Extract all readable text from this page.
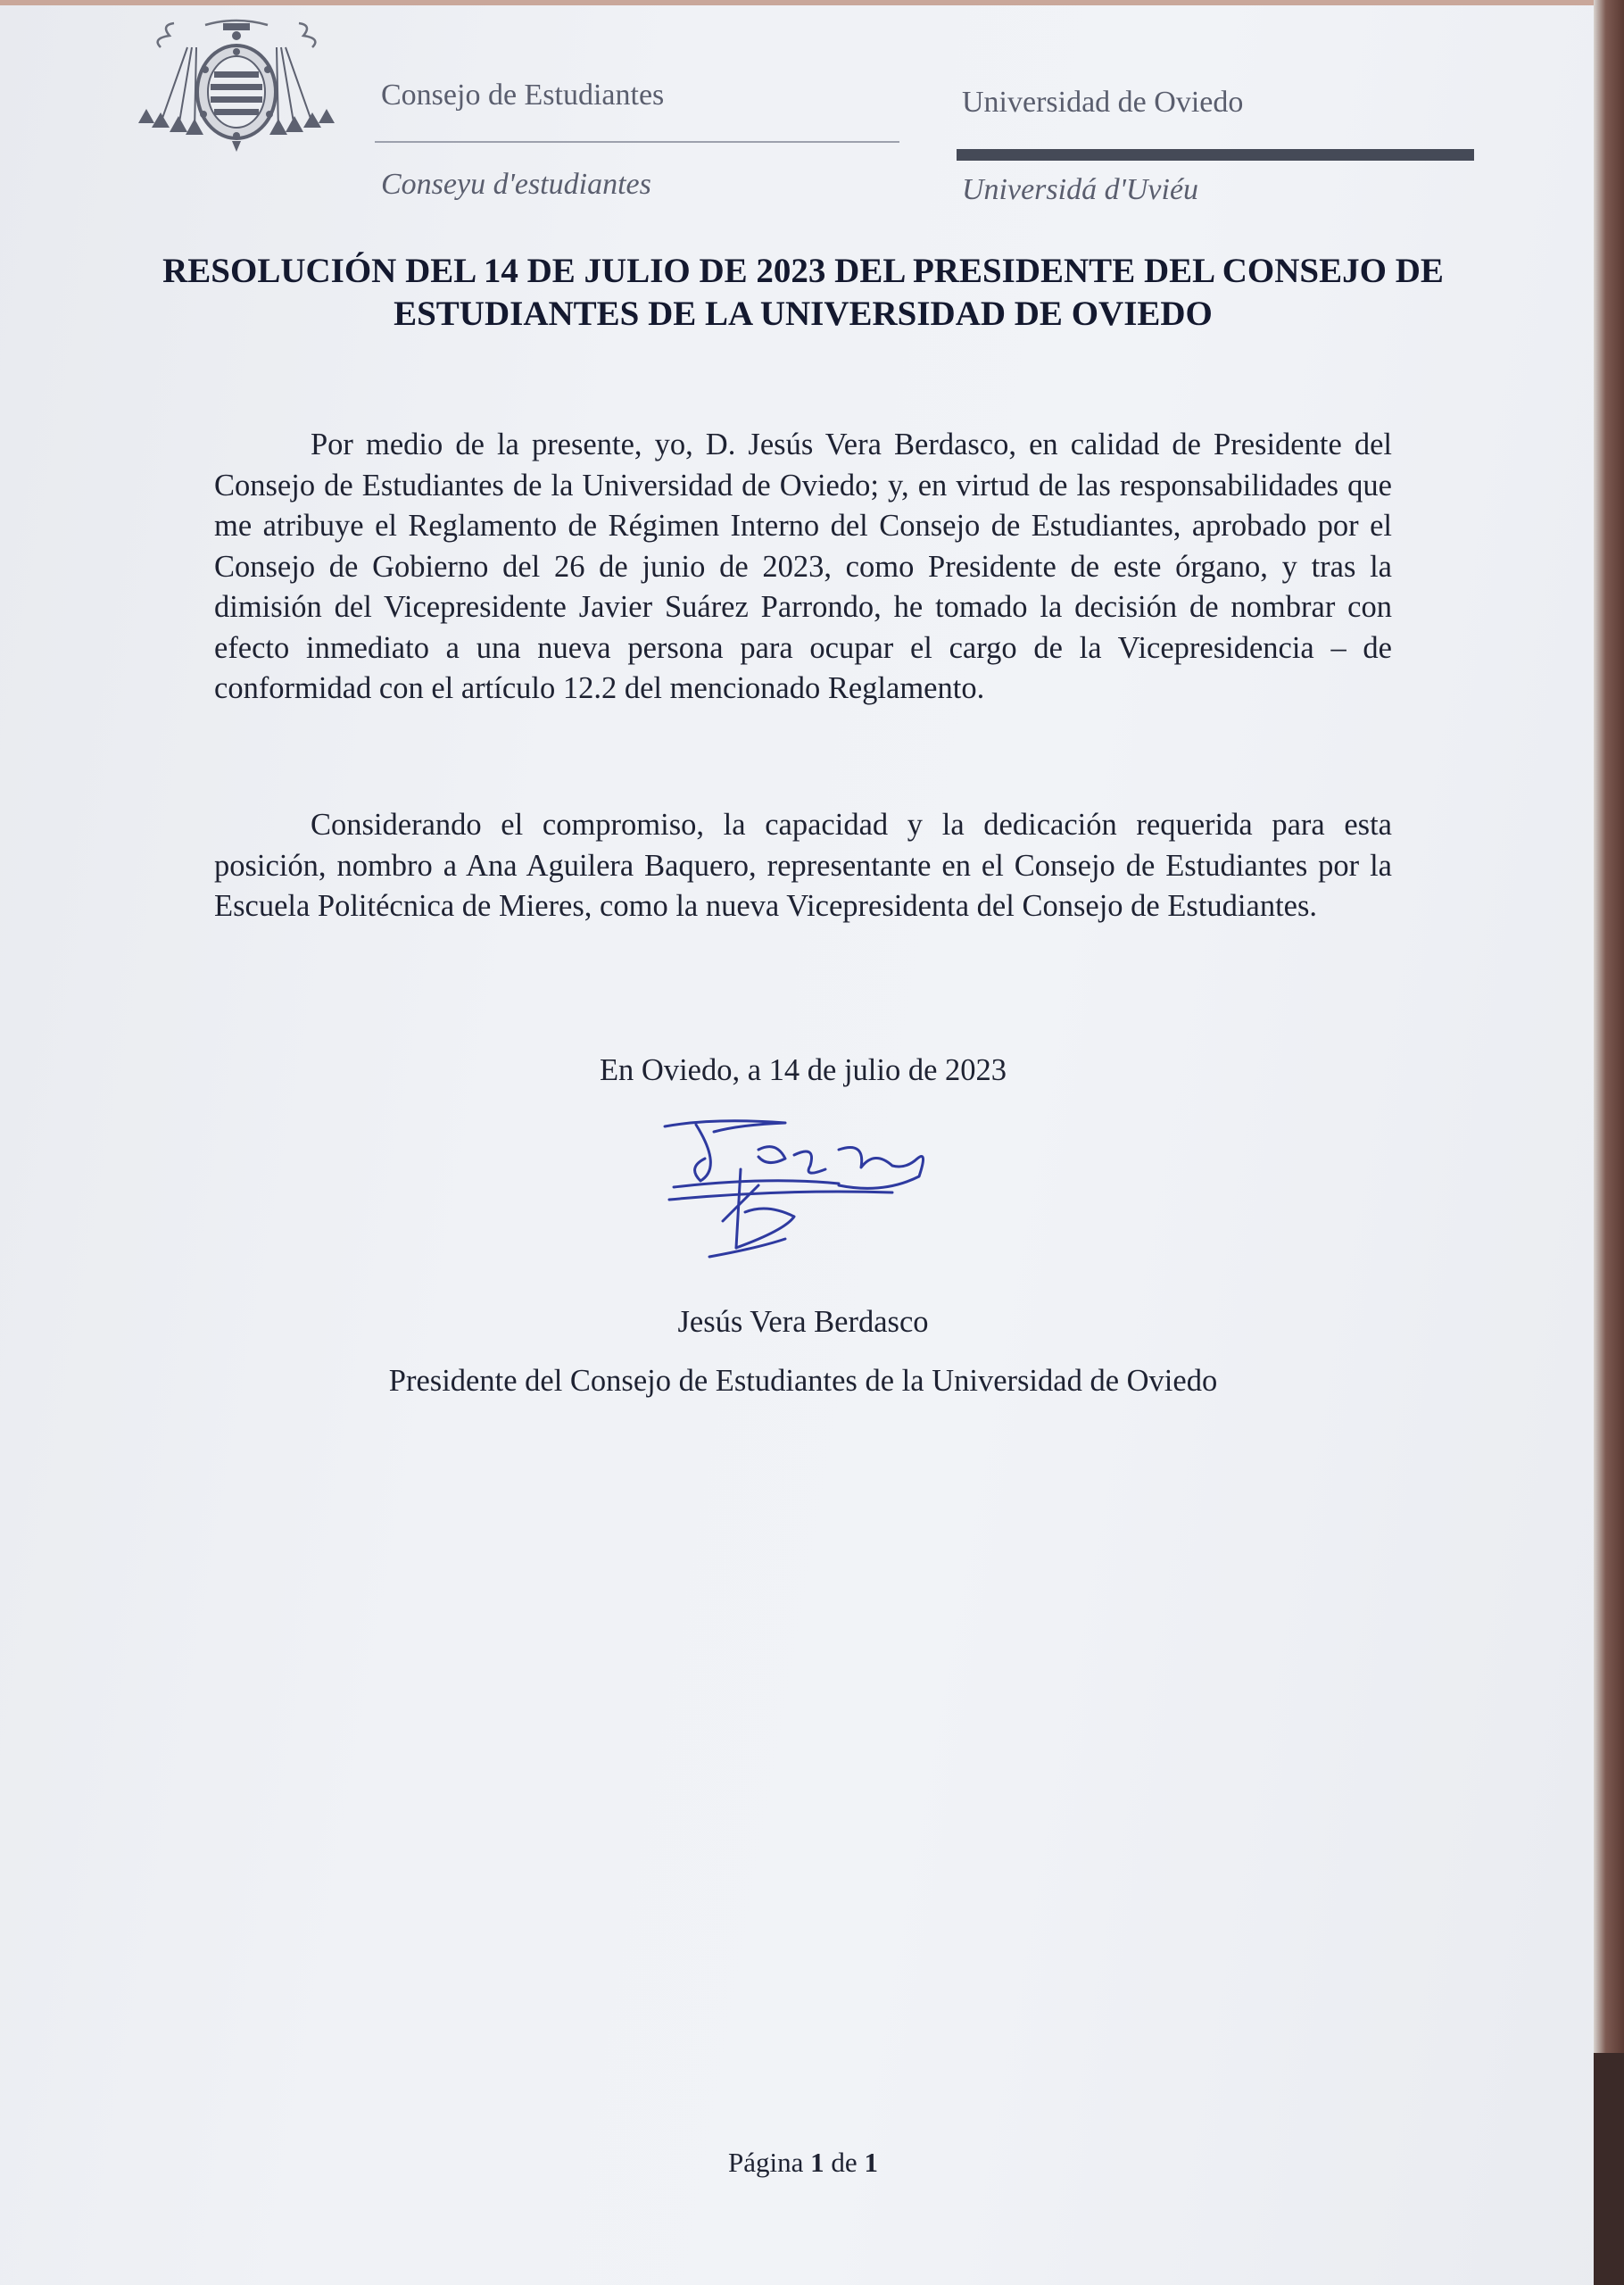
Consejo de Estudiantes
Conseyu d'estudiantes
Universidad de Oviedo
Universidá d'Uviéu
RESOLUCIÓN DEL 14 DE JULIO DE 2023 DEL PRESIDENTE DEL CONSEJO DE ESTUDIANTES DE LA UNIVERSIDAD DE OVIEDO

Por medio de la presente, yo, D. Jesús Vera Berdasco, en calidad de Presidente del Consejo de Estudiantes de la Universidad de Oviedo; y, en virtud de las responsabilidades que me atribuye el Reglamento de Régimen Interno del Consejo de Estudiantes, aprobado por el Consejo de Gobierno del 26 de junio de 2023, como Presidente de este órgano, y tras la dimisión del Vicepresidente Javier Suárez Parrondo, he tomado la decisión de nombrar con efecto inmediato a una nueva persona para ocupar el cargo de la Vicepresidencia – de conformidad con el artículo 12.2 del mencionado Reglamento.

Considerando el compromiso, la capacidad y la dedicación requerida para esta posición, nombro a Ana Aguilera Baquero, representante en el Consejo de Estudiantes por la Escuela Politécnica de Mieres, como la nueva Vicepresidenta del Consejo de Estudiantes.

En Oviedo, a 14 de julio de 2023
Jesús Vera Berdasco
Presidente del Consejo de Estudiantes de la Universidad de Oviedo
Página 1 de 1
